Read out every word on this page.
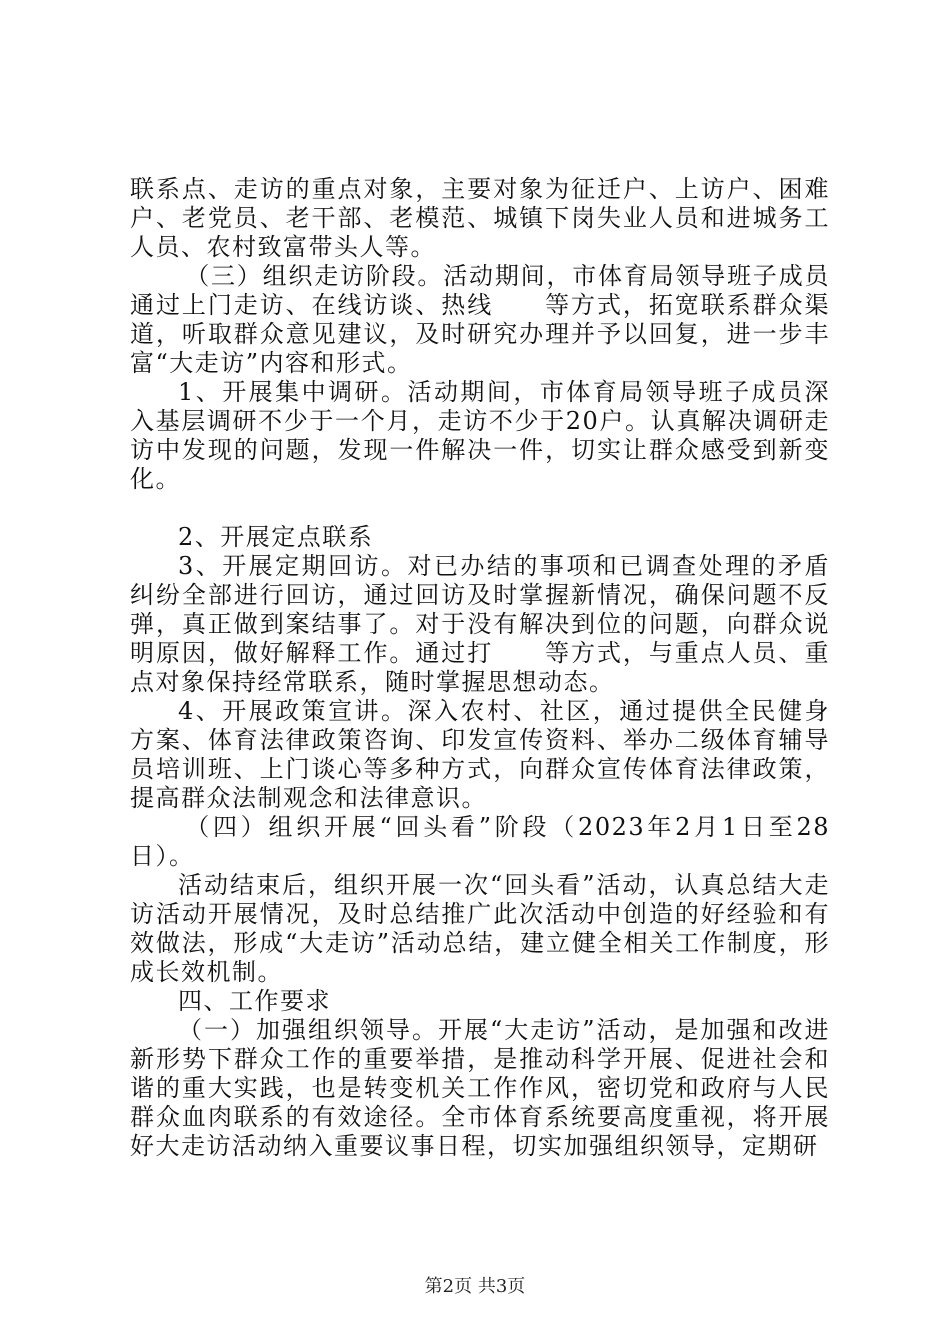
联系点、走访的重点对象，主要对象为征迁户、上访户、困难户、老党员、老干部、老模范、城镇下岗失业人员和进城务工人员、农村致富带头人等。

（三）组织走访阶段。活动期间，市体育局领导班子成员通过上门走访、在线访谈、热线　　等方式，拓宽联系群众渠道，听取群众意见建议，及时研究办理并予以回复，进一步丰富“大走访”内容和形式。

1、开展集中调研。活动期间，市体育局领导班子成员深入基层调研不少于一个月，走访不少于20户。认真解决调研走访中发现的问题，发现一件解决一件，切实让群众感受到新变化。

2、开展定点联系

3、开展定期回访。对已办结的事项和已调查处理的矛盾纠纷全部进行回访，通过回访及时掌握新情况，确保问题不反弹，真正做到案结事了。对于没有解决到位的问题，向群众说明原因，做好解释工作。通过打　　等方式，与重点人员、重点对象保持经常联系，随时掌握思想动态。

4、开展政策宣讲。深入农村、社区，通过提供全民健身方案、体育法律政策咨询、印发宣传资料、举办二级体育辅导员培训班、上门谈心等多种方式，向群众宣传体育法律政策，提高群众法制观念和法律意识。

（四）组织开展“回头看”阶段（2023年2月1日至28日）。

活动结束后，组织开展一次“回头看”活动，认真总结大走访活动开展情况，及时总结推广此次活动中创造的好经验和有效做法，形成“大走访”活动总结，建立健全相关工作制度，形成长效机制。

四、工作要求

（一）加强组织领导。开展“大走访”活动，是加强和改进新形势下群众工作的重要举措，是推动科学开展、促进社会和谐的重大实践，也是转变机关工作作风，密切党和政府与人民群众血肉联系的有效途径。全市体育系统要高度重视，将开展好大走访活动纳入重要议事日程，切实加强组织领导，定期研

第2页 共3页
